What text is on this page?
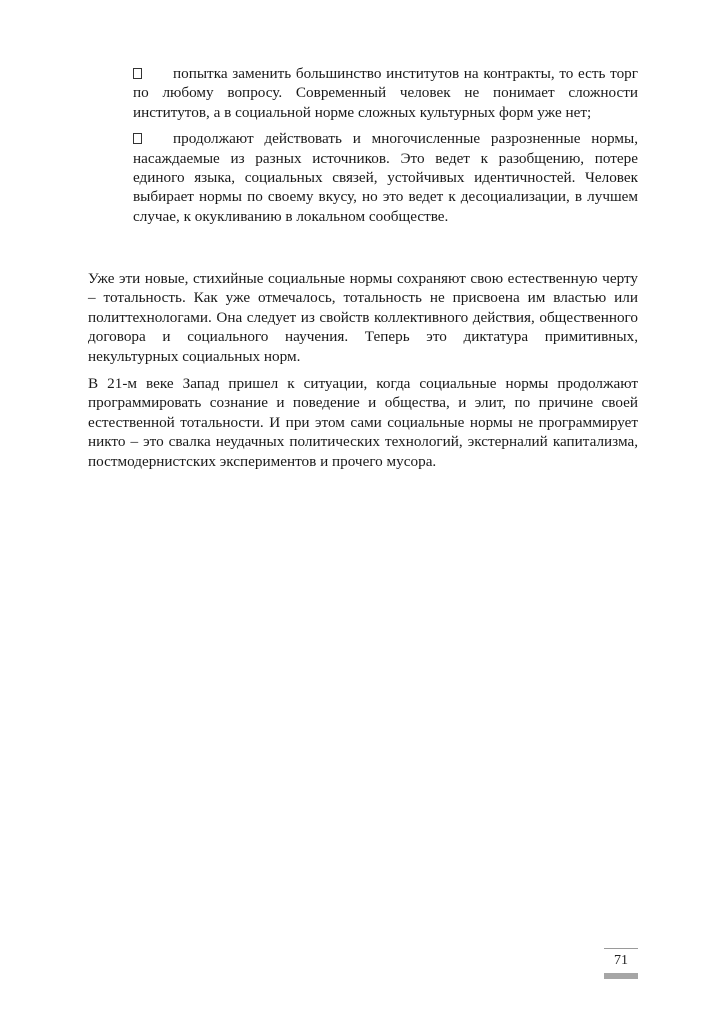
попытка заменить большинство институтов на контракты, то есть торг по любому вопросу. Современный человек не понимает сложности институтов, а в социальной норме сложных культурных форм уже нет;

продолжают действовать и многочисленные разрозненные нормы, насаждаемые из разных источников. Это ведет к разобщению, потере единого языка, социальных связей, устойчивых идентичностей. Человек выбирает нормы по своему вкусу, но это ведет к десоциализации, в лучшем случае, к окукливанию в локальном сообществе.

Уже эти новые, стихийные социальные нормы сохраняют свою естественную черту – тотальность. Как уже отмечалось, тотальность не присвоена им властью или политтехнологами. Она следует из свойств коллективного действия, общественного договора и социального научения. Теперь это диктатура примитивных, некультурных социальных норм.

В 21-м веке Запад пришел к ситуации, когда социальные нормы продолжают программировать сознание и поведение и общества, и элит, по причине своей естественной тотальности. И при этом сами социальные нормы не программирует никто – это свалка неудачных политических технологий, экстерналий капитализма, постмодернистских экспериментов и прочего мусора.

71
